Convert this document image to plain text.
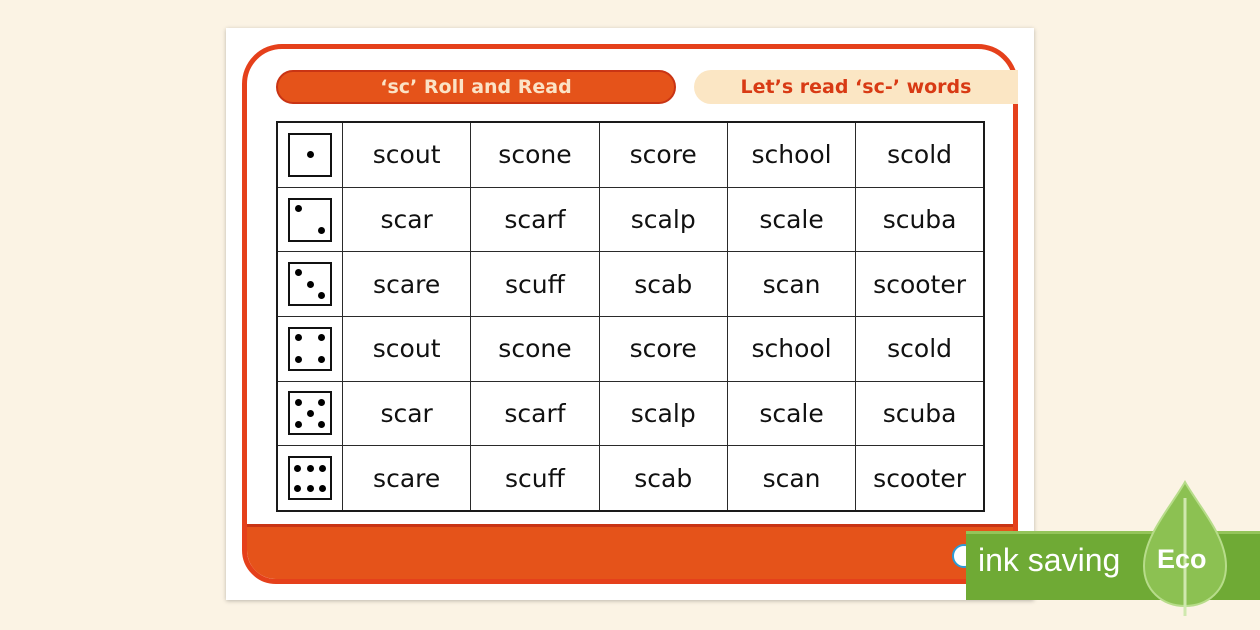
‘sc’ Roll and Read	Let’s read ‘sc-’ words
	scout	scone	score	school	scold

	scar	scarf	scalp	scale	scuba

	scare	scuff	scab	scan	scooter

	scout	scone	score	school	scold

	scar	scarf	scalp	scale	scuba

	scare	scuff	scab	scan	scooter
ink saving Eco
